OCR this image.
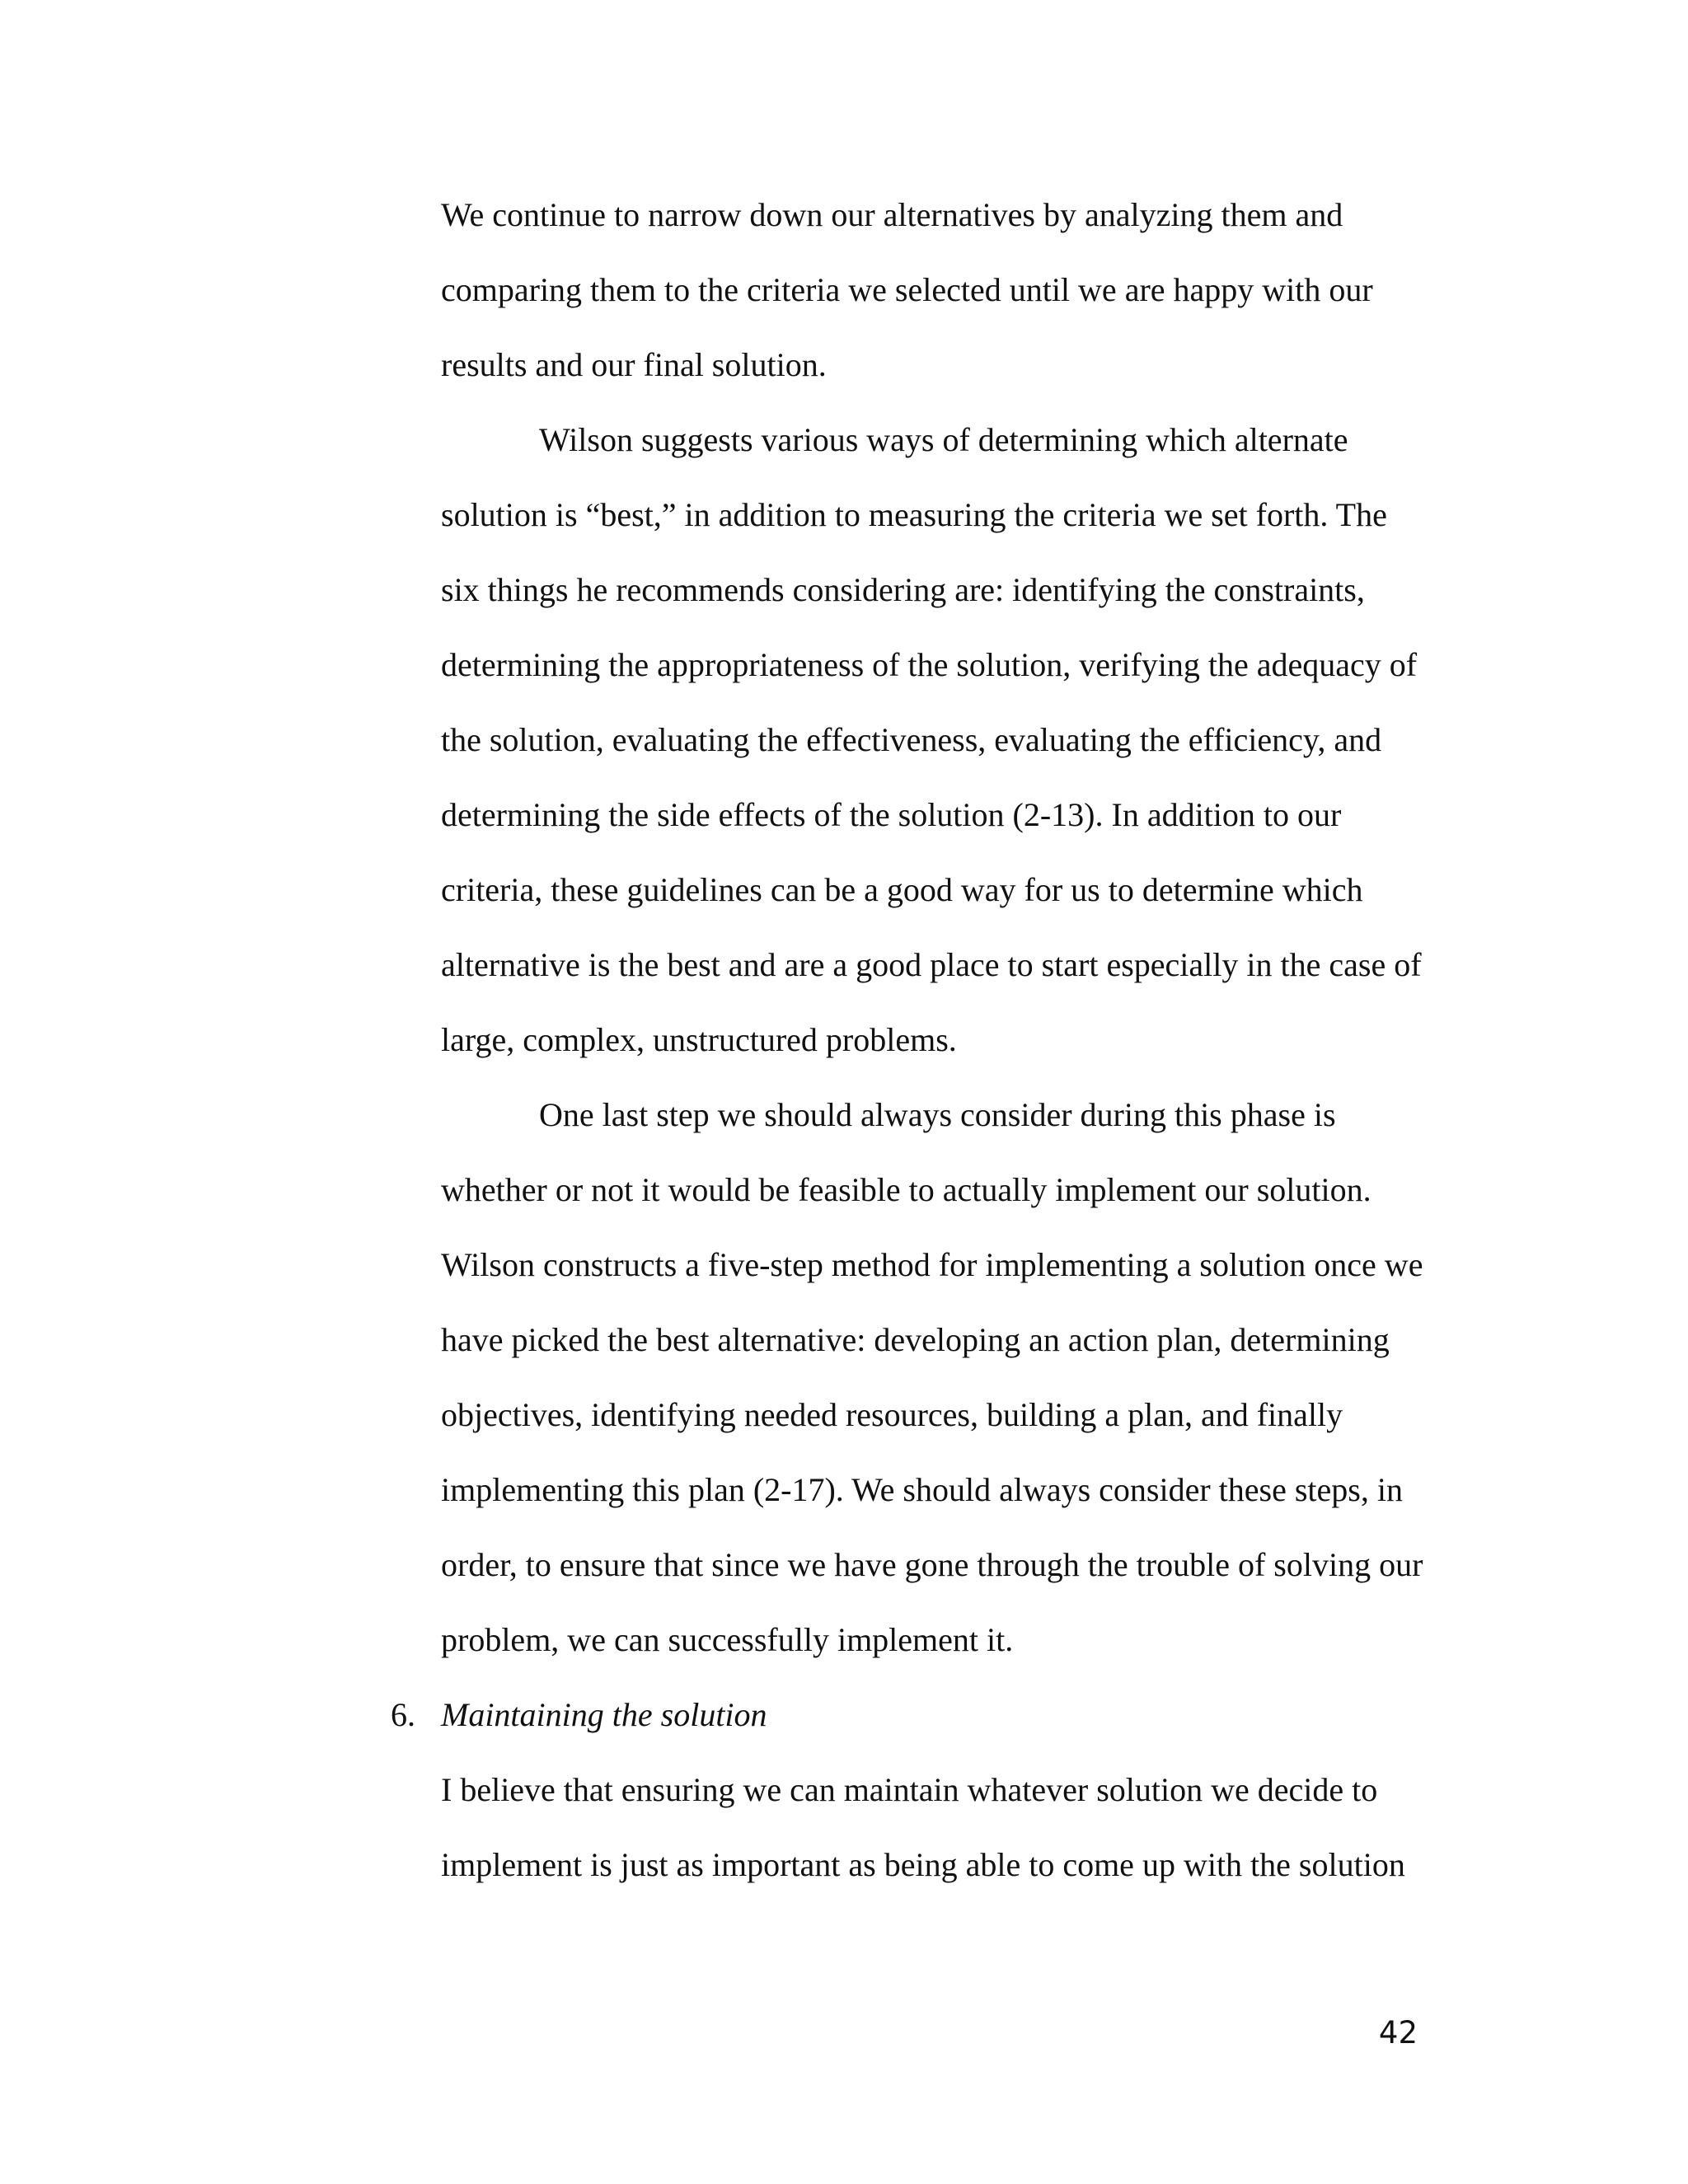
We continue to narrow down our alternatives by analyzing them and
comparing them to the criteria we selected until we are happy with our
results and our final solution.
Wilson suggests various ways of determining which alternate
solution is “best,” in addition to measuring the criteria we set forth. The
six things he recommends considering are: identifying the constraints,
determining the appropriateness of the solution, verifying the adequacy of
the solution, evaluating the effectiveness, evaluating the efficiency, and
determining the side effects of the solution (2-13). In addition to our
criteria, these guidelines can be a good way for us to determine which
alternative is the best and are a good place to start especially in the case of
large, complex, unstructured problems.
One last step we should always consider during this phase is
whether or not it would be feasible to actually implement our solution.
Wilson constructs a five-step method for implementing a solution once we
have picked the best alternative: developing an action plan, determining
objectives, identifying needed resources, building a plan, and finally
implementing this plan (2-17). We should always consider these steps, in
order, to ensure that since we have gone through the trouble of solving our
problem, we can successfully implement it.
6. Maintaining the solution
I believe that ensuring we can maintain whatever solution we decide to
implement is just as important as being able to come up with the solution
42
